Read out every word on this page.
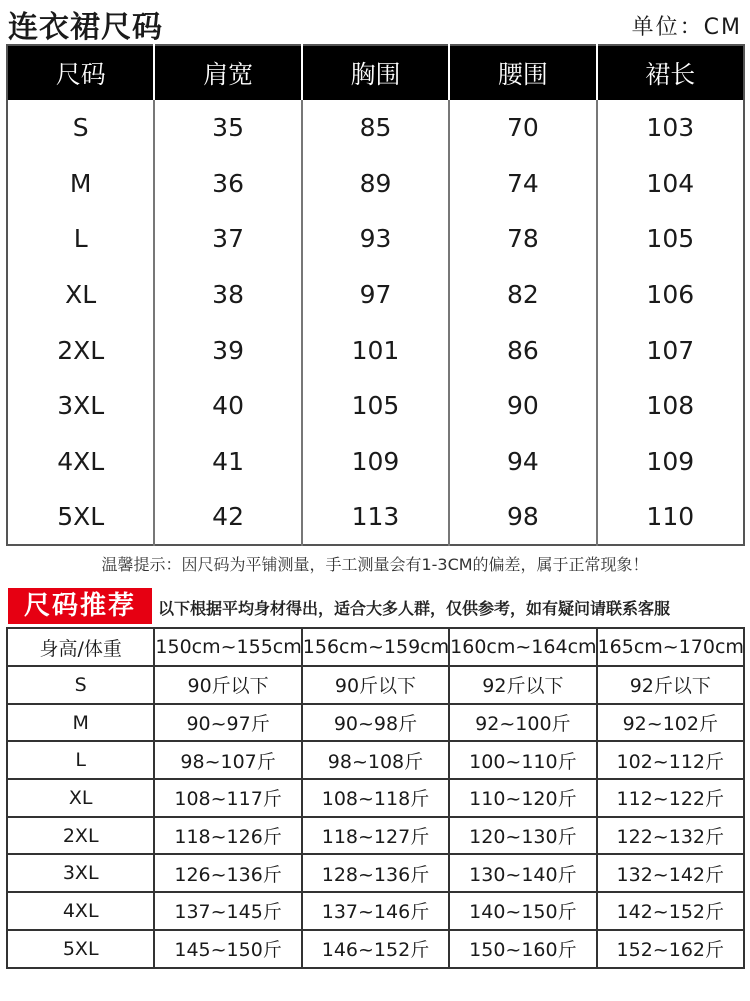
连衣裙尺码	单位：CM
尺码	肩宽	胸围	腰围	裙长
S	35	85	70	103
M	36	89	74	104
L	37	93	78	105
XL	38	97	82	106
2XL	39	101	86	107
3XL	40	105	90	108
4XL	41	109	94	109
5XL	42	113	98	110
温馨提示：因尺码为平铺测量，手工测量会有1-3CM的偏差，属于正常现象！
尺码推荐	以下根据平均身材得出，适合大多人群，仅供参考，如有疑问请联系客服
身高/体重	150cm~155cm	156cm~159cm	160cm~164cm	165cm~170cm
S	90斤以下	90斤以下	92斤以下	92斤以下
M	90~97斤	90~98斤	92~100斤	92~102斤
L	98~107斤	98~108斤	100~110斤	102~112斤
XL	108~117斤	108~118斤	110~120斤	112~122斤
2XL	118~126斤	118~127斤	120~130斤	122~132斤
3XL	126~136斤	128~136斤	130~140斤	132~142斤
4XL	137~145斤	137~146斤	140~150斤	142~152斤
5XL	145~150斤	146~152斤	150~160斤	152~162斤
